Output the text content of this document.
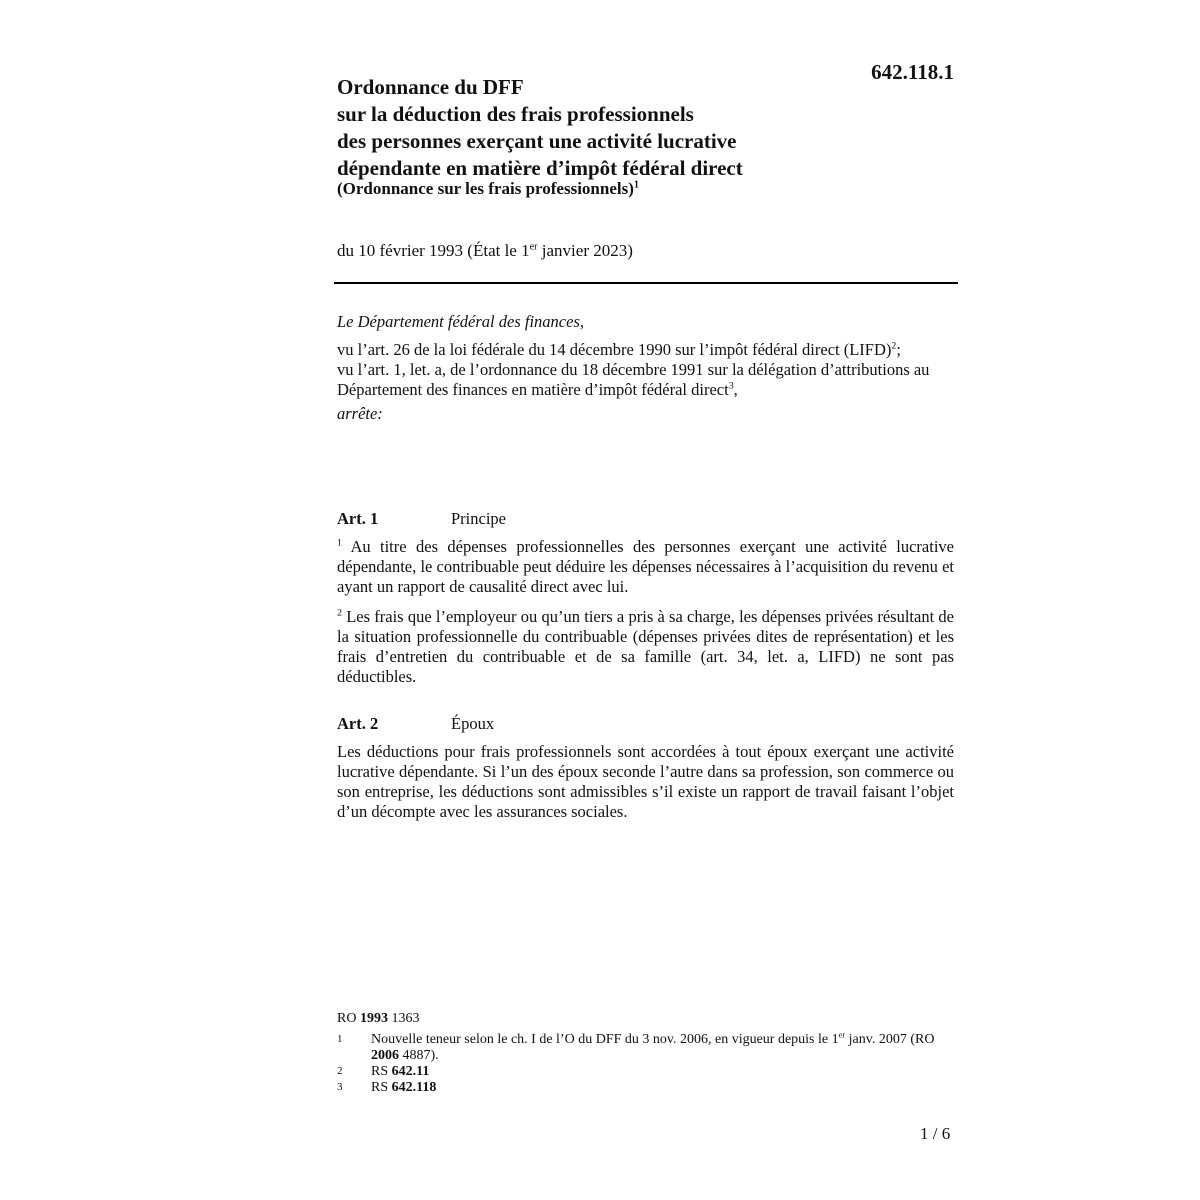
642.118.1
Ordonnance du DFF
sur la déduction des frais professionnels
des personnes exerçant une activité lucrative
dépendante en matière d’impôt fédéral direct
(Ordonnance sur les frais professionnels)$^1$
du 10 février 1993 (État le 1er janvier 2023)

Le Département fédéral des finances,

vu l’art. 26 de la loi fédérale du 14 décembre 1990 sur l’impôt fédéral direct (LIFD)$^2$;

vu l’art. 1, let. a, de l’ordonnance du 18 décembre 1991 sur la délégation d’attributions au Département des finances en matière d’impôt fédéral direct$^3$,

arrête:

Art. 1	Principe

$^1$ Au titre des dépenses professionnelles des personnes exerçant une activité lucrative dépendante, le contribuable peut déduire les dépenses nécessaires à l’acquisition du revenu et ayant un rapport de causalité direct avec lui.

$^2$ Les frais que l’employeur ou qu’un tiers a pris à sa charge, les dépenses privées résultant de la situation professionnelle du contribuable (dépenses privées dites de représentation) et les frais d’entretien du contribuable et de sa famille (art. 34, let. a, LIFD) ne sont pas déductibles.

Art. 2	Époux

Les déductions pour frais professionnels sont accordées à tout époux exerçant une activité lucrative dépendante. Si l’un des époux seconde l’autre dans sa profession, son commerce ou son entreprise, les déductions sont admissibles s’il existe un rapport de travail faisant l’objet d’un décompte avec les assurances sociales.

RO 1993 1363
1	Nouvelle teneur selon le ch. I de l’O du DFF du 3 nov. 2006, en vigueur depuis le 1er janv. 2007 (RO 2006 4887).
2	RS 642.11
3	RS 642.118
1 / 6
